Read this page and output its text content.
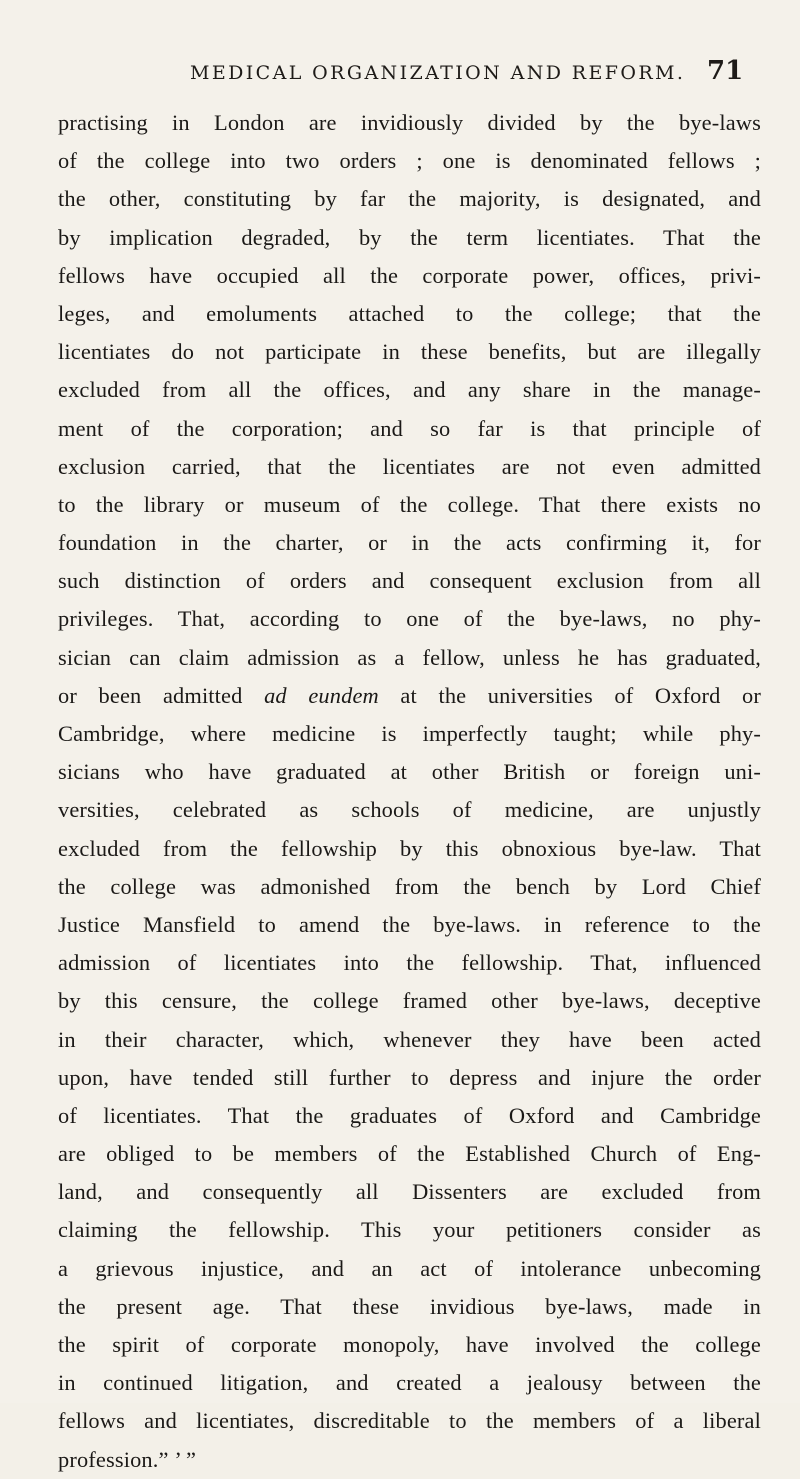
MEDICAL ORGANIZATION AND REFORM. 71
practising in London are invidiously divided by the bye-laws
of the college into two orders ; one is denominated fellows ;
the other, constituting by far the majority, is designated, and
by implication degraded, by the term licentiates. That the
fellows have occupied all the corporate power, offices, privi-
leges, and emoluments attached to the college; that the
licentiates do not participate in these benefits, but are illegally
excluded from all the offices, and any share in the manage-
ment of the corporation; and so far is that principle of
exclusion carried, that the licentiates are not even admitted
to the library or museum of the college. That there exists no
foundation in the charter, or in the acts confirming it, for
such distinction of orders and consequent exclusion from all
privileges. That, according to one of the bye-laws, no phy-
sician can claim admission as a fellow, unless he has graduated,
or been admitted ad eundem at the universities of Oxford or
Cambridge, where medicine is imperfectly taught; while phy-
sicians who have graduated at other British or foreign uni-
versities, celebrated as schools of medicine, are unjustly
excluded from the fellowship by this obnoxious bye-law. That
the college was admonished from the bench by Lord Chief
Justice Mansfield to amend the bye-laws. in reference to the
admission of licentiates into the fellowship. That, influenced
by this censure, the college framed other bye-laws, deceptive
in their character, which, whenever they have been acted
upon, have tended still further to depress and injure the order
of licentiates. That the graduates of Oxford and Cambridge
are obliged to be members of the Established Church of Eng-
land, and consequently all Dissenters are excluded from
claiming the fellowship. This your petitioners consider as
a grievous injustice, and an act of intolerance unbecoming
the present age. That these invidious bye-laws, made in
the spirit of corporate monopoly, have involved the college
in continued litigation, and created a jealousy between the
fellows and licentiates, discreditable to the members of a liberal
profession.” ’ ”
